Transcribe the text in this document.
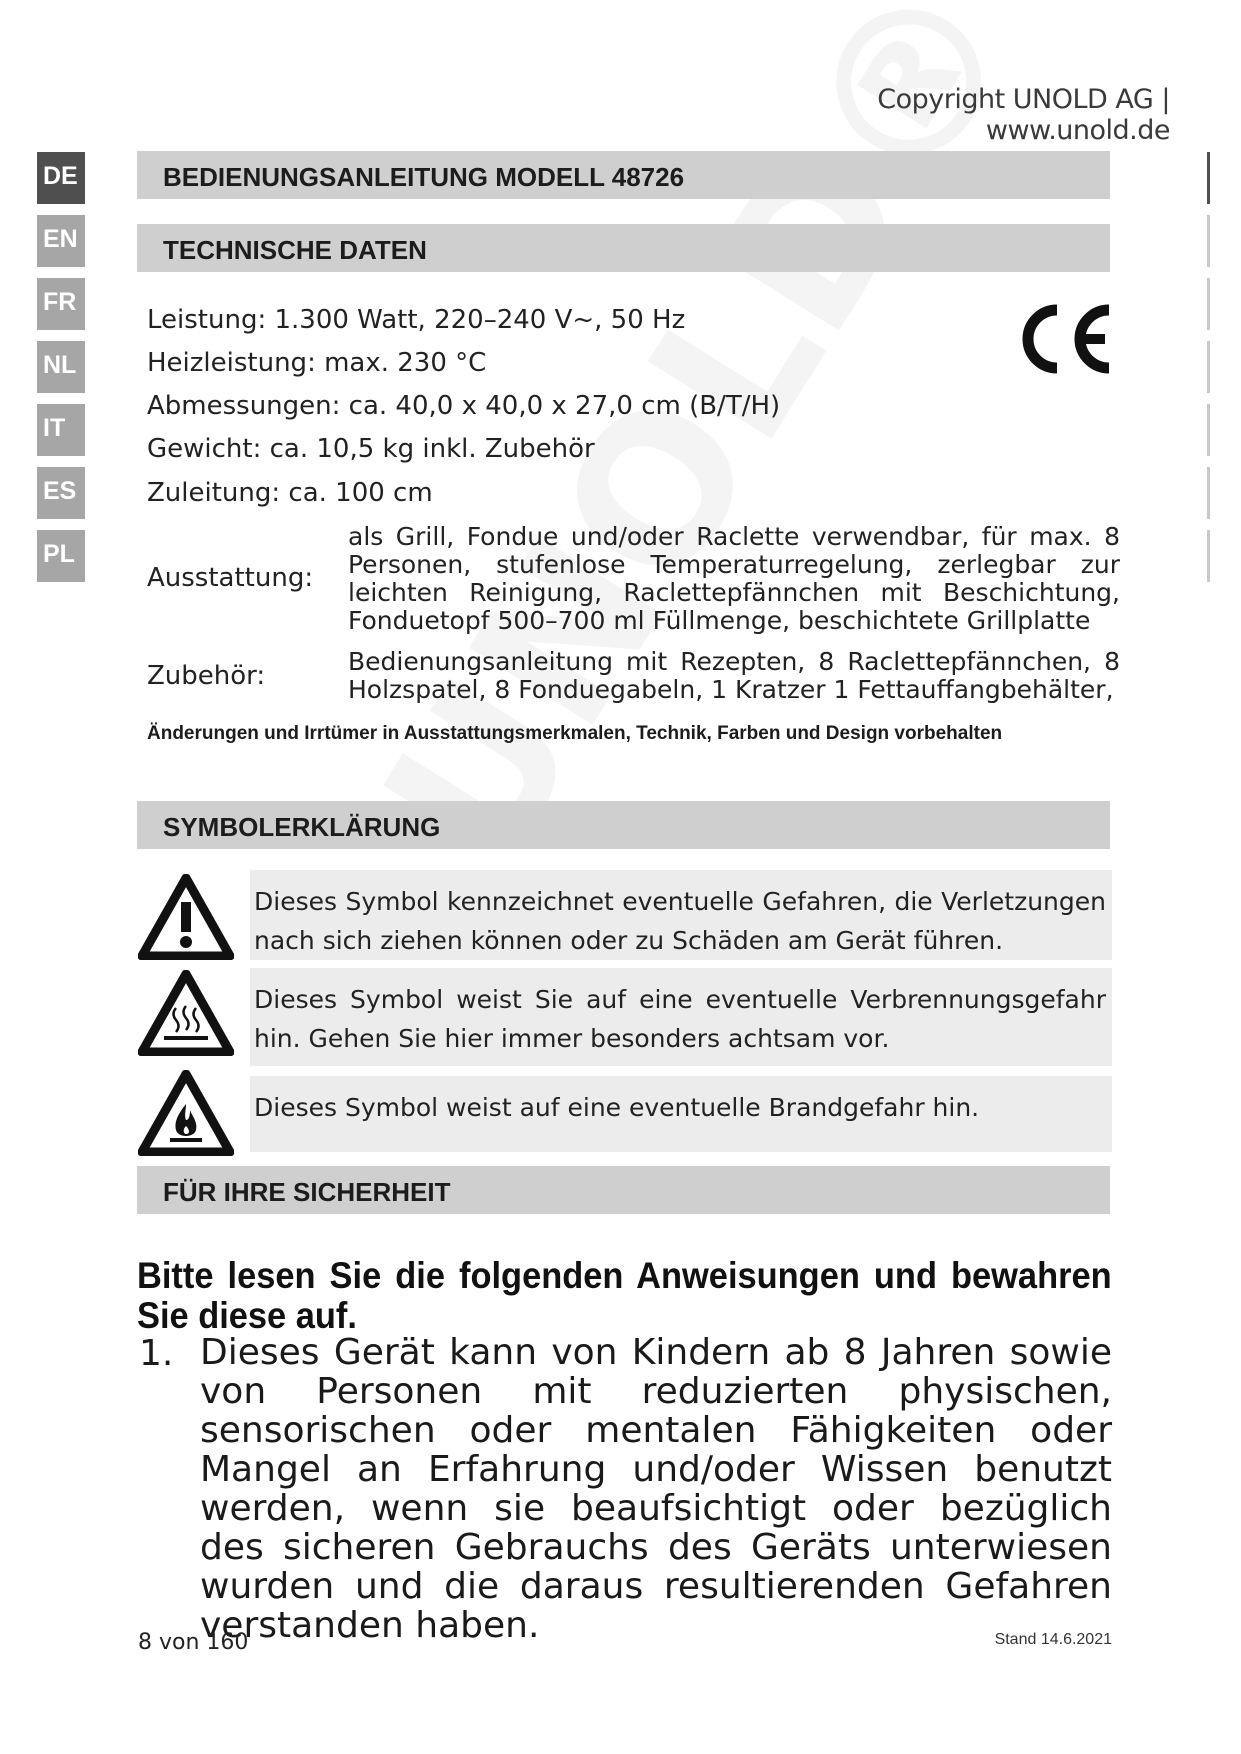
Copyright UNOLD AG | www.unold.de
DE
EN
FR
NL
IT
ES
PL
BEDIENUNGSANLEITUNG MODELL 48726
TECHNISCHE DATEN
Leistung: 1.300 Watt, 220–240 V~, 50 Hz
Heizleistung: max. 230 °C
Abmessungen: ca. 40,0 x 40,0 x 27,0 cm (B/T/H)
Gewicht: ca. 10,5 kg inkl. Zubehör
Zuleitung: ca. 100 cm
Ausstattung:
als Grill, Fondue und/oder Raclette verwendbar, für max. 8 Personen, stufenlose Temperaturregelung, zerlegbar zur leichten Reinigung, Raclettepfännchen mit Beschichtung, Fonduetopf 500–700 ml Füllmenge, beschichtete Grillplatte
Zubehör:	Bedienungsanleitung mit Rezepten, 8 Raclettepfännchen, 8 Holzspatel, 8 Fonduegabeln, 1 Kratzer 1 Fettauffangbehälter,
Änderungen und Irrtümer in Ausstattungsmerkmalen, Technik, Farben und Design vorbehalten
SYMBOLERKLÄRUNG
Dieses Symbol kennzeichnet eventuelle Gefahren, die Verletzungen nach sich ziehen können oder zu Schäden am Gerät führen.
Dieses Symbol weist Sie auf eine eventuelle Verbrennungsgefahr hin. Gehen Sie hier immer besonders achtsam vor.
Dieses Symbol weist auf eine eventuelle Brandgefahr hin.
FÜR IHRE SICHERHEIT
Bitte lesen Sie die folgenden Anweisungen und bewahren Sie diese auf.
1. Dieses Gerät kann von Kindern ab 8 Jahren sowie von Personen mit reduzierten physischen, sensorischen oder mentalen Fähigkeiten oder Mangel an Erfahrung und/oder Wissen benutzt werden, wenn sie beaufsichtigt oder bezüglich des sicheren Gebrauchs des Geräts unterwiesen wurden und die daraus resultierenden Gefahren verstanden haben.
8 von 160	Stand 14.6.2021
